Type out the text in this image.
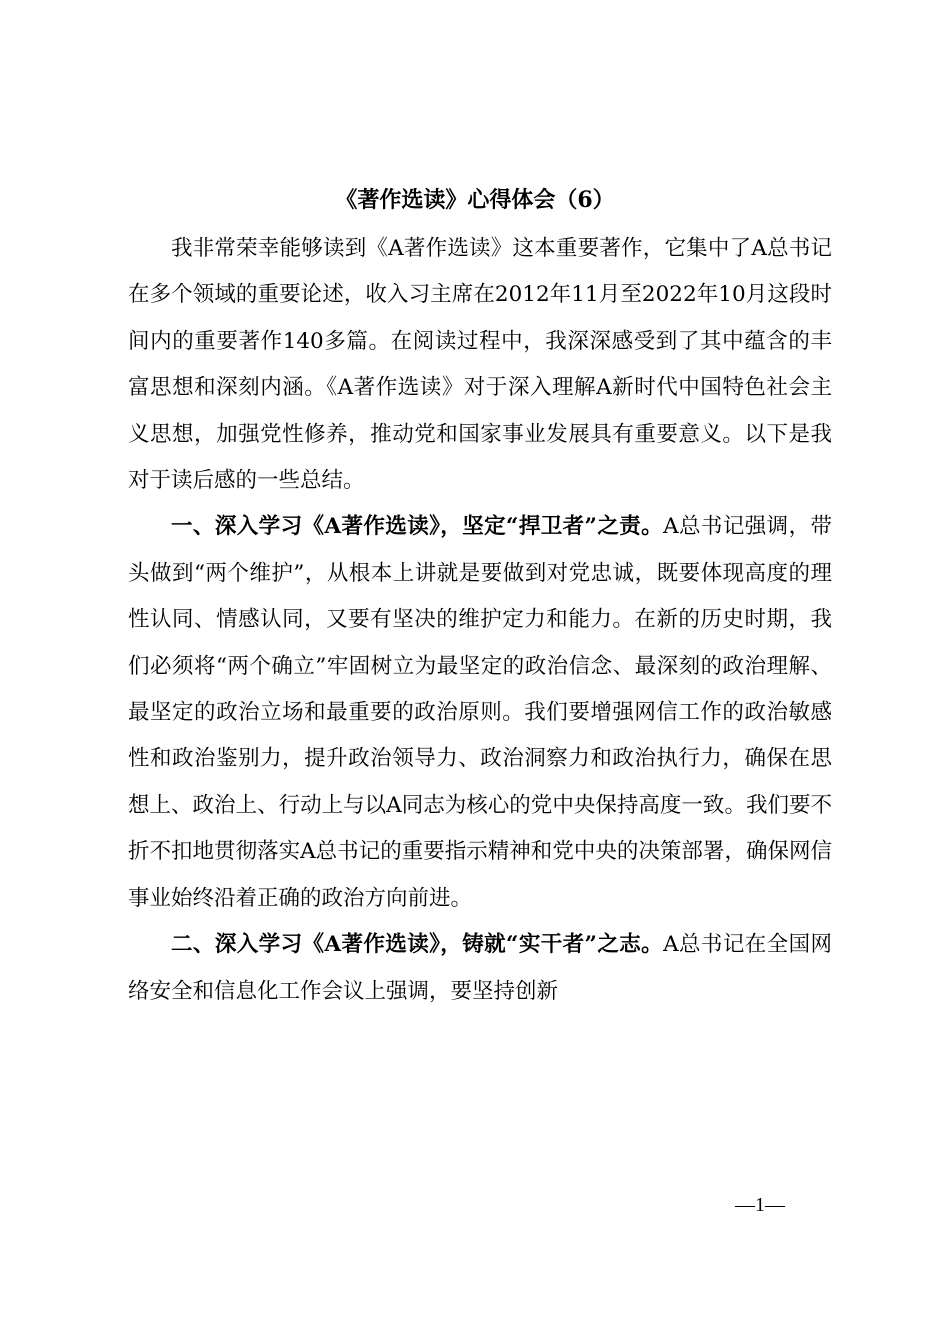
《著作选读》心得体会（6）

我非常荣幸能够读到《A著作选读》这本重要著作，它集中了A总书记在多个领域的重要论述，收入习主席在2012年11月至2022年10月这段时间内的重要著作140多篇。在阅读过程中，我深深感受到了其中蕴含的丰富思想和深刻内涵。《A著作选读》对于深入理解A新时代中国特色社会主义思想，加强党性修养，推动党和国家事业发展具有重要意义。以下是我对于读后感的一些总结。

一、深入学习《A著作选读》，坚定“捍卫者”之责。A总书记强调，带头做到“两个维护”，从根本上讲就是要做到对党忠诚，既要体现高度的理性认同、情感认同，又要有坚决的维护定力和能力。在新的历史时期，我们必须将“两个确立”牢固树立为最坚定的政治信念、最深刻的政治理解、最坚定的政治立场和最重要的政治原则。我们要增强网信工作的政治敏感性和政治鉴别力，提升政治领导力、政治洞察力和政治执行力，确保在思想上、政治上、行动上与以A同志为核心的党中央保持高度一致。我们要不折不扣地贯彻落实A总书记的重要指示精神和党中央的决策部署，确保网信事业始终沿着正确的政治方向前进。

二、深入学习《A著作选读》，铸就“实干者”之志。A总书记在全国网络安全和信息化工作会议上强调，要坚持创新

—1—
